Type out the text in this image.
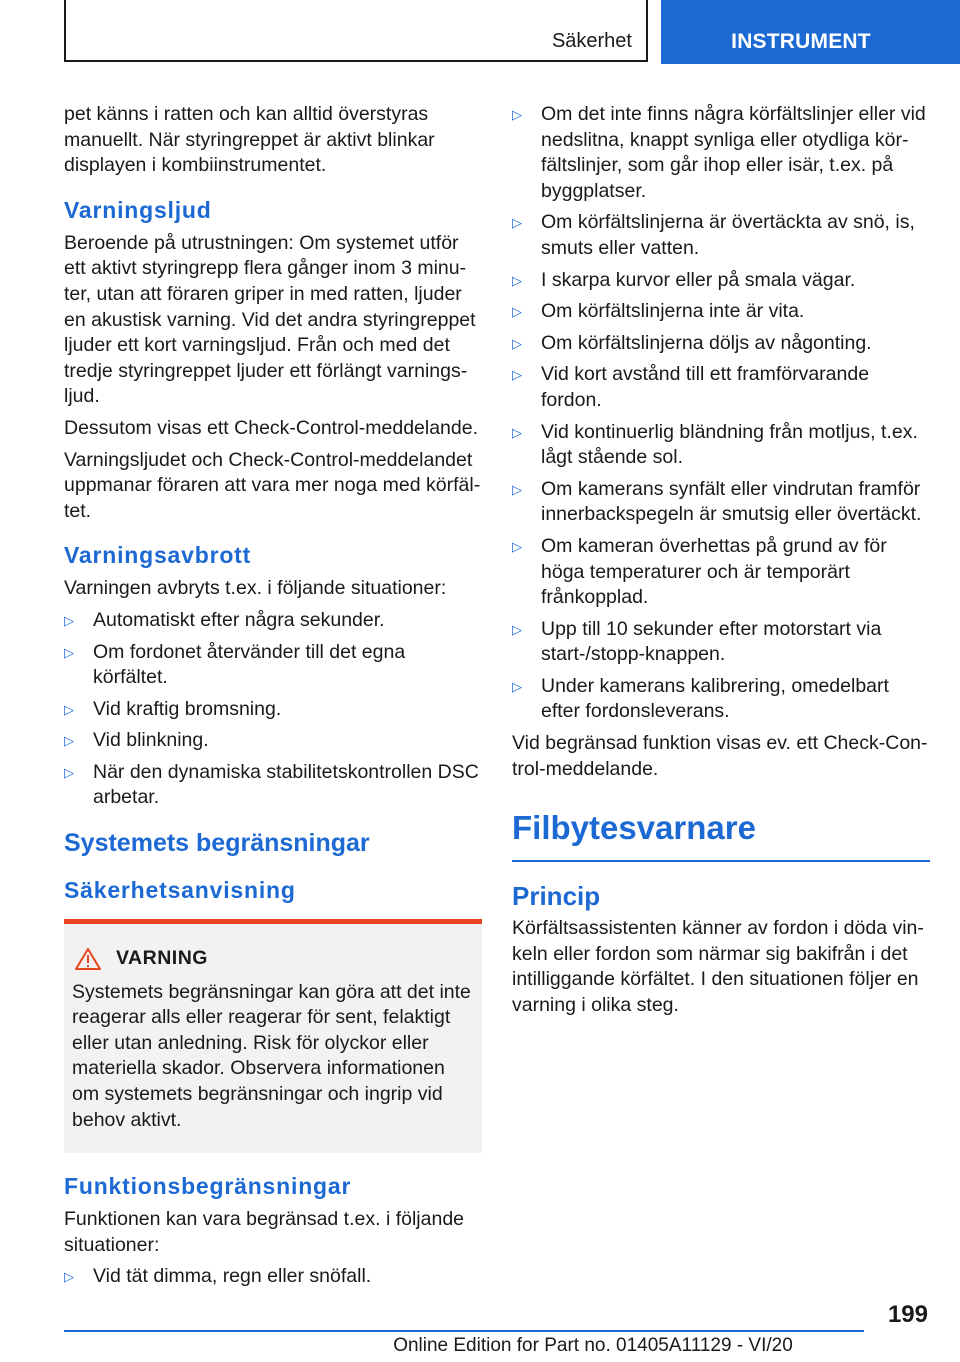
Säkerhet	INSTRUMENT

pet känns i ratten och kan alltid överstyras manuellt. När styringreppet är aktivt blinkar displayen i kombiinstrumentet.

Varningsljud

Beroende på utrustningen: Om systemet utför ett aktivt styringrepp flera gånger inom 3 minuter, utan att föraren griper in med ratten, ljuder en akustisk varning. Vid det andra styringreppet ljuder ett kort varningsljud. Från och med det tredje styringreppet ljuder ett förlängt varningsljud.

Dessutom visas ett Check-Control-meddelande.

Varningsljudet och Check-Control-meddelandet uppmanar föraren att vara mer noga med körfältet.

Varningsavbrott

Varningen avbryts t.ex. i följande situationer:

▷ Automatiskt efter några sekunder.
▷ Om fordonet återvänder till det egna körfältet.
▷ Vid kraftig bromsning.
▷ Vid blinkning.
▷ När den dynamiska stabilitetskontrollen DSC arbetar.
Systemets begränsningar
Säkerhetsanvisning
VARNING
Systemets begränsningar kan göra att det inte reagerar alls eller reagerar för sent, felaktigt eller utan anledning. Risk för olyckor eller materiella skador. Observera informationen om systemets begränsningar och ingrip vid behov aktivt.
Funktionsbegränsningar

Funktionen kan vara begränsad t.ex. i följande situationer:

▷ Vid tät dimma, regn eller snöfall.
▷ Om det inte finns några körfältslinjer eller vid nedslitna, knappt synliga eller otydliga körfältslinjer, som går ihop eller isär, t.ex. på byggplatser.
▷ Om körfältslinjerna är övertäckta av snö, is, smuts eller vatten.
▷ I skarpa kurvor eller på smala vägar.
▷ Om körfältslinjerna inte är vita.
▷ Om körfältslinjerna döljs av någonting.
▷ Vid kort avstånd till ett framförvarande fordon.
▷ Vid kontinuerlig bländning från motljus, t.ex. lågt stående sol.
▷ Om kamerans synfält eller vindrutan framför innerbackspegeln är smutsig eller övertäckt.
▷ Om kameran överhettas på grund av för höga temperaturer och är temporärt frånkopplad.
▷ Upp till 10 sekunder efter motorstart via start-/stopp-knappen.
▷ Under kamerans kalibrering, omedelbart efter fordonsleverans.

Vid begränsad funktion visas ev. ett Check-Control-meddelande.

Filbytesvarnare
Princip

Körfältsassistenten känner av fordon i döda vinkeln eller fordon som närmar sig bakifrån i det intilliggande körfältet. I den situationen följer en varning i olika steg.

199
Online Edition for Part no. 01405A11129 - VI/20
